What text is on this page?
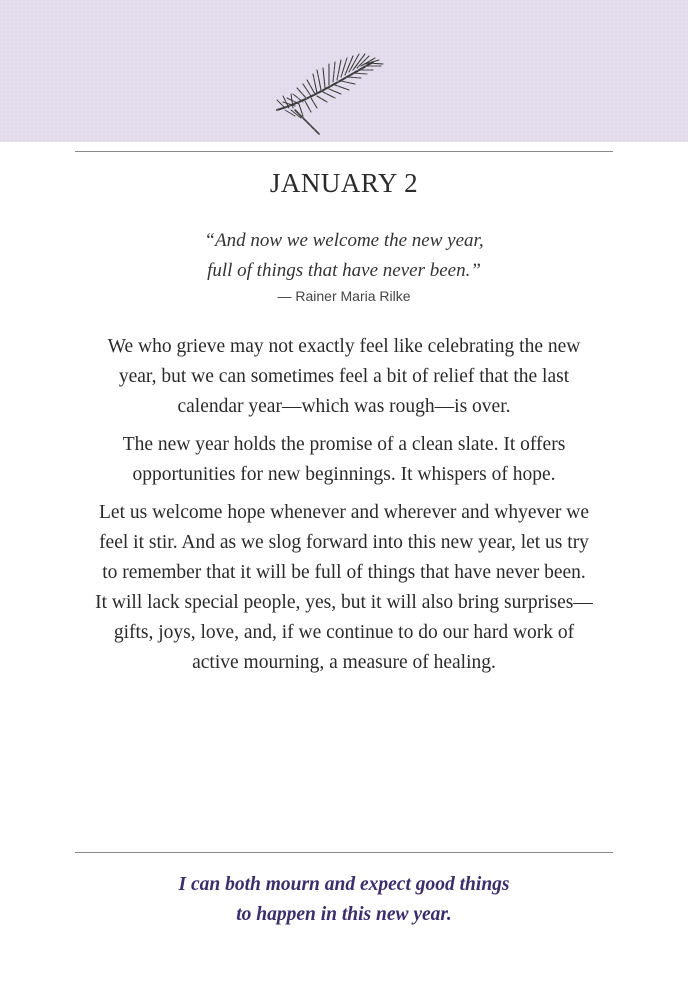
JANUARY 2
“And now we welcome the new year,
full of things that have never been.”
— Rainer Maria Rilke

We who grieve may not exactly feel like celebrating the new
year, but we can sometimes feel a bit of relief that the last
calendar year—which was rough—is over.

The new year holds the promise of a clean slate. It offers
opportunities for new beginnings. It whispers of hope.

Let us welcome hope whenever and wherever and whyever we
feel it stir. And as we slog forward into this new year, let us try
to remember that it will be full of things that have never been.
It will lack special people, yes, but it will also bring surprises—
gifts, joys, love, and, if we continue to do our hard work of
active mourning, a measure of healing.

I can both mourn and expect good things
to happen in this new year.
